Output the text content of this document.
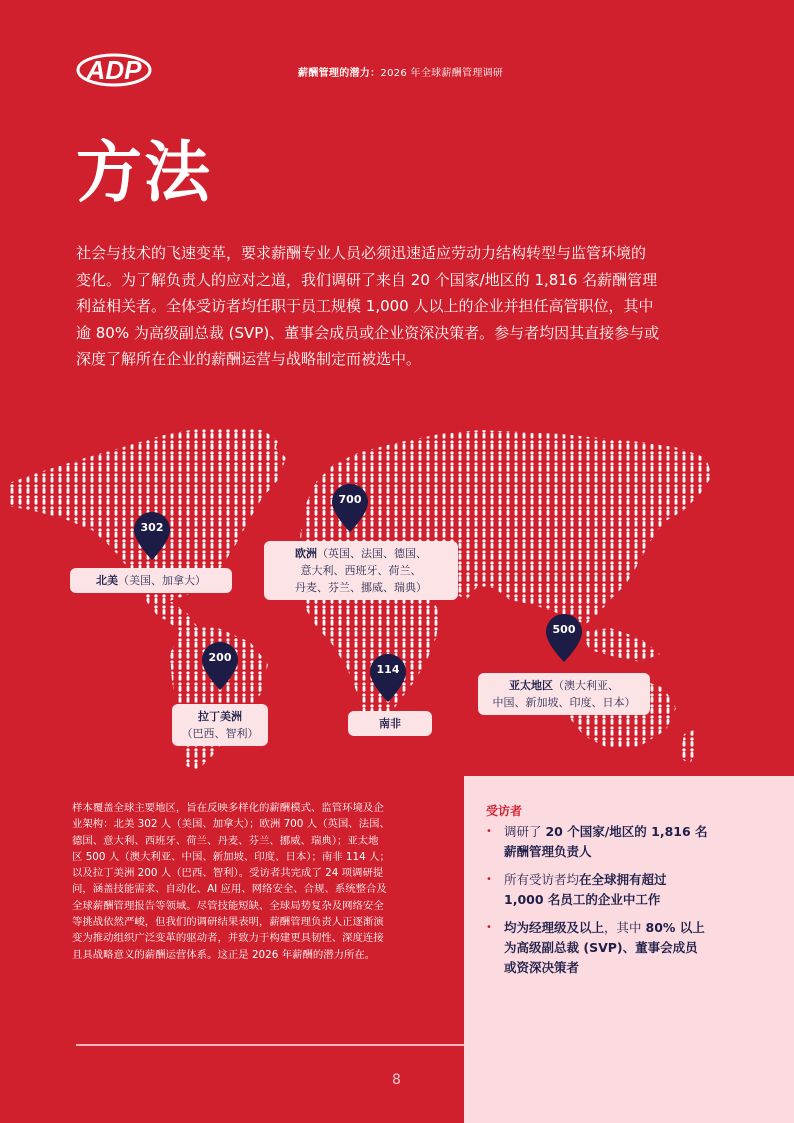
ADP	薪酬管理的潜力：2026 年全球薪酬管理调研
方法
社会与技术的飞速变革，要求薪酬专业人员必须迅速适应劳动力结构转型与监管环境的
变化。为了解负责人的应对之道，我们调研了来自 20 个国家/地区的 1,816 名薪酬管理
利益相关者。全体受访者均任职于员工规模 1,000 人以上的企业并担任高管职位，其中
逾 80% 为高级副总裁 (SVP)、董事会成员或企业资深决策者。参与者均因其直接参与或
深度了解所在企业的薪酬运营与战略制定而被选中。
302
700
200
114
500
北美（美国、加拿大）
欧洲（英国、法国、德国、
意大利、西班牙、荷兰、
丹麦、芬兰、挪威、瑞典）
拉丁美洲
（巴西、智利）
南非
亚太地区（澳大利亚、
中国、新加坡、印度、日本）
样本覆盖全球主要地区，旨在反映多样化的薪酬模式、监管环境及企
业架构：北美 302 人（美国、加拿大）；欧洲 700 人（英国、法国、
德国、意大利、西班牙、荷兰、丹麦、芬兰、挪威、瑞典）；亚太地
区 500 人（澳大利亚、中国、新加坡、印度、日本）；南非 114 人；
以及拉丁美洲 200 人（巴西、智利）。受访者共完成了 24 项调研提
问，涵盖技能需求、自动化、AI 应用、网络安全、合规、系统整合及
全球薪酬管理报告等领域。尽管技能短缺、全球局势复杂及网络安全
等挑战依然严峻，但我们的调研结果表明，薪酬管理负责人正逐渐演
变为推动组织广泛变革的驱动者，并致力于构建更具韧性、深度连接
且具战略意义的薪酬运营体系。这正是 2026 年薪酬的潜力所在。
受访者
• 调研了 20 个国家/地区的 1,816 名
薪酬管理负责人
• 所有受访者均在全球拥有超过
1,000 名员工的企业中工作
• 均为经理级及以上，其中 80% 以上
为高级副总裁 (SVP)、董事会成员
或资深决策者
8
